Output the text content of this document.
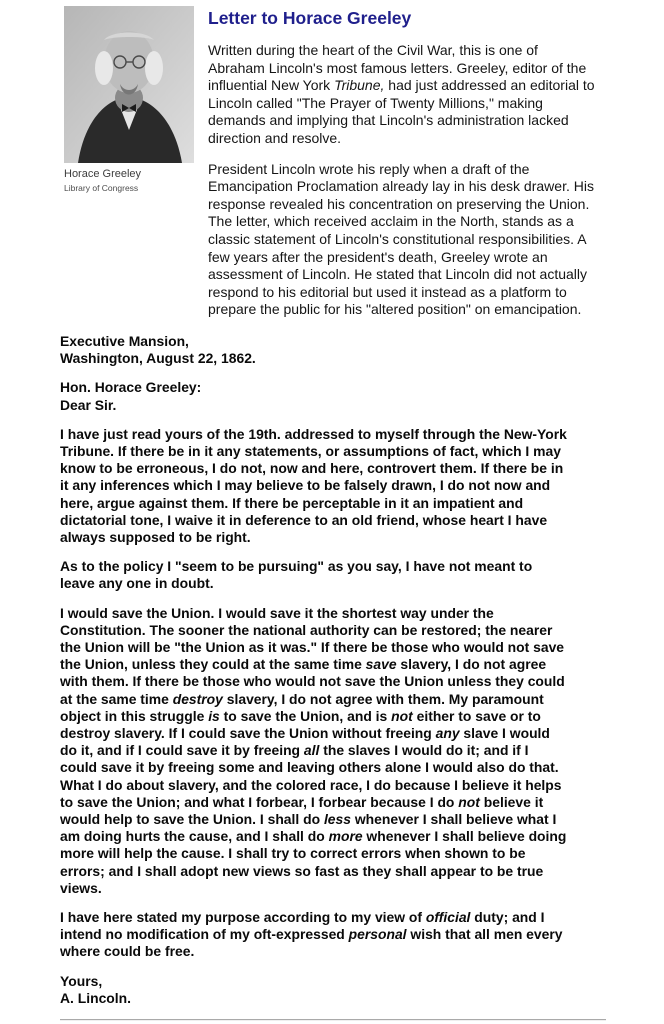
Horace Greeley
Library of Congress
Letter to Horace Greeley

Written during the heart of the Civil War, this is one of
Abraham Lincoln's most famous letters. Greeley, editor of the
influential New York Tribune, had just addressed an editorial to
Lincoln called "The Prayer of Twenty Millions," making
demands and implying that Lincoln's administration lacked
direction and resolve.

President Lincoln wrote his reply when a draft of the
Emancipation Proclamation already lay in his desk drawer. His
response revealed his concentration on preserving the Union.
The letter, which received acclaim in the North, stands as a
classic statement of Lincoln's constitutional responsibilities. A
few years after the president's death, Greeley wrote an
assessment of Lincoln. He stated that Lincoln did not actually
respond to his editorial but used it instead as a platform to
prepare the public for his "altered position" on emancipation.

Executive Mansion,
Washington, August 22, 1862.

Hon. Horace Greeley:
Dear Sir.

I have just read yours of the 19th. addressed to myself through the New-York
Tribune. If there be in it any statements, or assumptions of fact, which I may
know to be erroneous, I do not, now and here, controvert them. If there be in
it any inferences which I may believe to be falsely drawn, I do not now and
here, argue against them. If there be perceptable in it an impatient and
dictatorial tone, I waive it in deference to an old friend, whose heart I have
always supposed to be right.

As to the policy I "seem to be pursuing" as you say, I have not meant to
leave any one in doubt.

I would save the Union. I would save it the shortest way under the
Constitution. The sooner the national authority can be restored; the nearer
the Union will be "the Union as it was." If there be those who would not save
the Union, unless they could at the same time save slavery, I do not agree
with them. If there be those who would not save the Union unless they could
at the same time destroy slavery, I do not agree with them. My paramount
object in this struggle is to save the Union, and is not either to save or to
destroy slavery. If I could save the Union without freeing any slave I would
do it, and if I could save it by freeing all the slaves I would do it; and if I
could save it by freeing some and leaving others alone I would also do that.
What I do about slavery, and the colored race, I do because I believe it helps
to save the Union; and what I forbear, I forbear because I do not believe it
would help to save the Union. I shall do less whenever I shall believe what I
am doing hurts the cause, and I shall do more whenever I shall believe doing
more will help the cause. I shall try to correct errors when shown to be
errors; and I shall adopt new views so fast as they shall appear to be true
views.

I have here stated my purpose according to my view of official duty; and I
intend no modification of my oft-expressed personal wish that all men every
where could be free.

Yours,
A. Lincoln.
